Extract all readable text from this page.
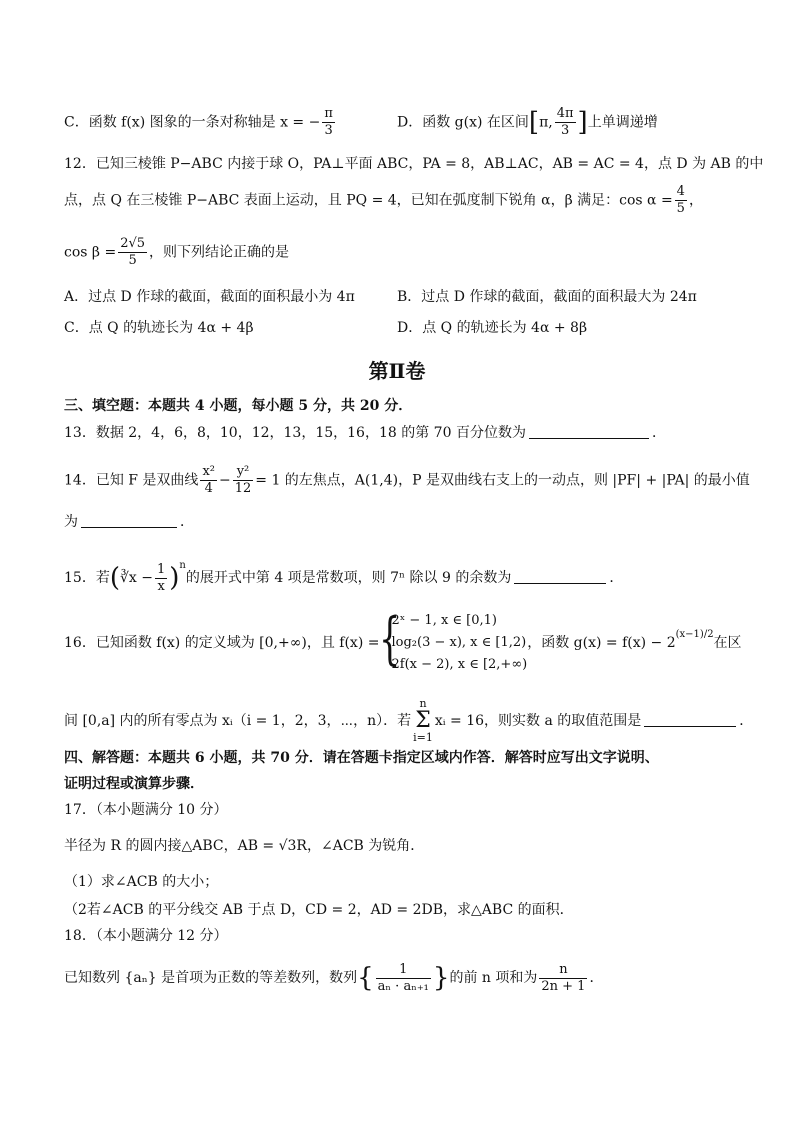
C．函数 f(x) 图象的一条对称轴是 x = − $\frac{\pi}{3}$	D．函数 g(x) 在区间[π, $\frac{4\pi}{3}$ ]上单调递增
12．已知三棱锥 P−ABC 内接于球 O，PA⊥平面 ABC，PA = 8，AB⊥AC，AB = AC = 4，点 D 为 AB 的中
点，点 Q 在三棱锥 P−ABC 表面上运动，且 PQ = 4，已知在弧度制下锐角 α，β 满足：$\cos \alpha = \frac{4}{5}$ ，
$\cos \beta = \frac{2√5}{5}$ ，则下列结论正确的是
A．过点 D 作球的截面，截面的面积最小为 4π	B．过点 D 作球的截面，截面的面积最大为 24π
C．点 Q 的轨迹长为 4α + 4β	D．点 Q 的轨迹长为 4α + 8β
第Ⅱ卷
三、填空题：本题共 4 小题，每小题 5 分，共 20 分．
13．数据 2，4，6，8，10，12，13，15，16，18 的第 70 百分位数为	．
14．已知 F 是双曲线 $\frac{\text{x²}}{4} - \frac{\text{y²}}{12} = 1$ 的左焦点，A(1,4)，P 是双曲线右支上的一动点，则 |PF| + |PA| 的最小值
为	．
15．若(∛x − $\frac{1}{x} )^n$的展开式中第 4 项是常数项，则 7ⁿ 除以 9 的余数为	．
16．已知函数 f(x) 的定义域为 [0,+∞)，且 f(x) = {
2ˣ − 1, x ∈ [0,1)
log₂(3 − x), x ∈ [1,2)
2f(x − 2), x ∈ [2,+∞)
，函数 $g(x) = f(x) - 2^{(x-1)/2}$在区
间 [0,a] 内的所有零点为 xᵢ（i = 1，2，3，⋯，n）．若n
Σ
i=1xᵢ = 16，则实数 a 的取值范围是	．
四、解答题：本题共 6 小题，共 70 分．请在答题卡指定区域内作答．解答时应写出文字说明、
证明过程或演算步骤．
17．（本小题满分 10 分）
半径为 R 的圆内接△ABC，AB = √3R，∠ACB 为锐角．
（1）求∠ACB 的大小；
（2若∠ACB 的平分线交 AB 于点 D，CD = 2，AD = 2DB，求△ABC 的面积．
18．（本小题满分 12 分）
已知数列 {aₙ} 是首项为正数的等差数列，数列{ $\frac{1}{\text{aₙ · aₙ₊₁}}$ }的前 n 项和为 $\frac{n}{2n + 1}$ ．
